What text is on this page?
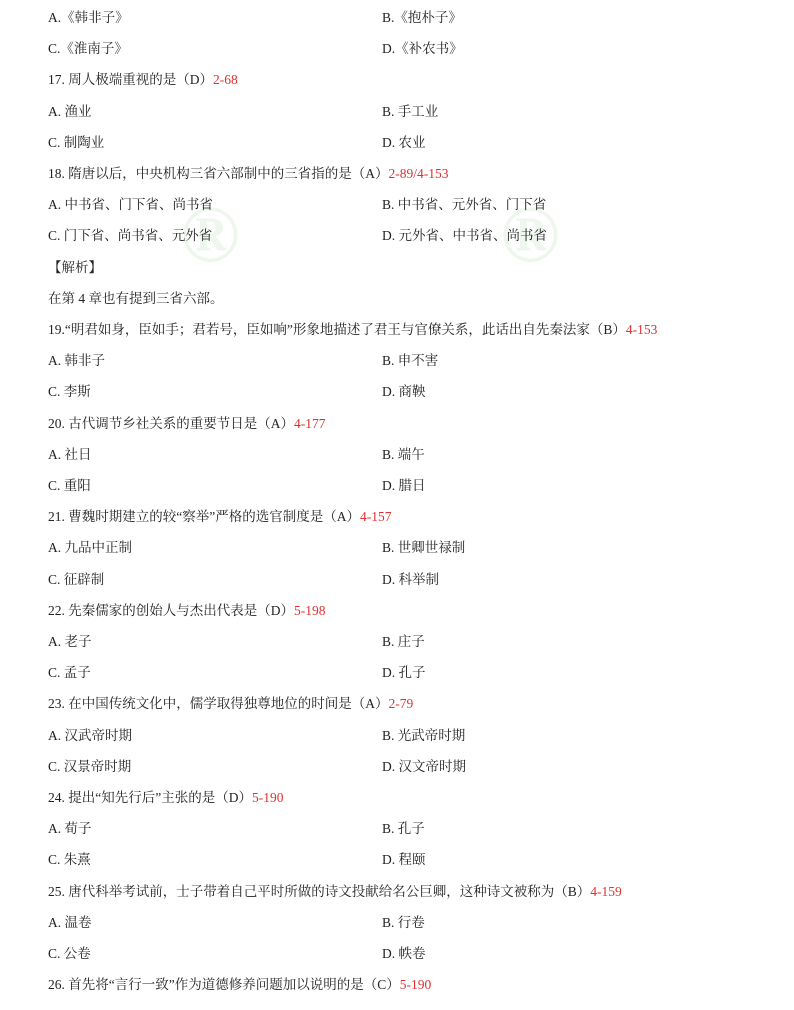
®	®
A.《韩非子》	B.《抱朴子》
C.《淮南子》	D.《补农书》
17. 周人极端重视的是（D）2-68
A. 渔业	B. 手工业
C. 制陶业	D. 农业
18. 隋唐以后，中央机构三省六部制中的三省指的是（A）2-89/4-153
A. 中书省、门下省、尚书省	B. 中书省、元外省、门下省
C. 门下省、尚书省、元外省	D. 元外省、中书省、尚书省
【解析】
在第 4 章也有提到三省六部。
19.“明君如身，臣如手；君若号，臣如响”形象地描述了君王与官僚关系，此话出自先秦法家（B）4-153
A. 韩非子	B. 申不害
C. 李斯	D. 商鞅
20. 古代调节乡社关系的重要节日是（A）4-177
A. 社日	B. 端午
C. 重阳	D. 腊日
21. 曹魏时期建立的较“察举”严格的选官制度是（A）4-157
A. 九品中正制	B. 世卿世禄制
C. 征辟制	D. 科举制
22. 先秦儒家的创始人与杰出代表是（D）5-198
A. 老子	B. 庄子
C. 孟子	D. 孔子
23. 在中国传统文化中，儒学取得独尊地位的时间是（A）2-79
A. 汉武帝时期	B. 光武帝时期
C. 汉景帝时期	D. 汉文帝时期
24. 提出“知先行后”主张的是（D）5-190
A. 荀子	B. 孔子
C. 朱熹	D. 程颐
25. 唐代科举考试前，士子带着自己平时所做的诗文投献给名公巨卿，这种诗文被称为（B）4-159
A. 温卷	B. 行卷
C. 公卷	D. 帙卷
26. 首先将“言行一致”作为道德修养问题加以说明的是（C）5-190
